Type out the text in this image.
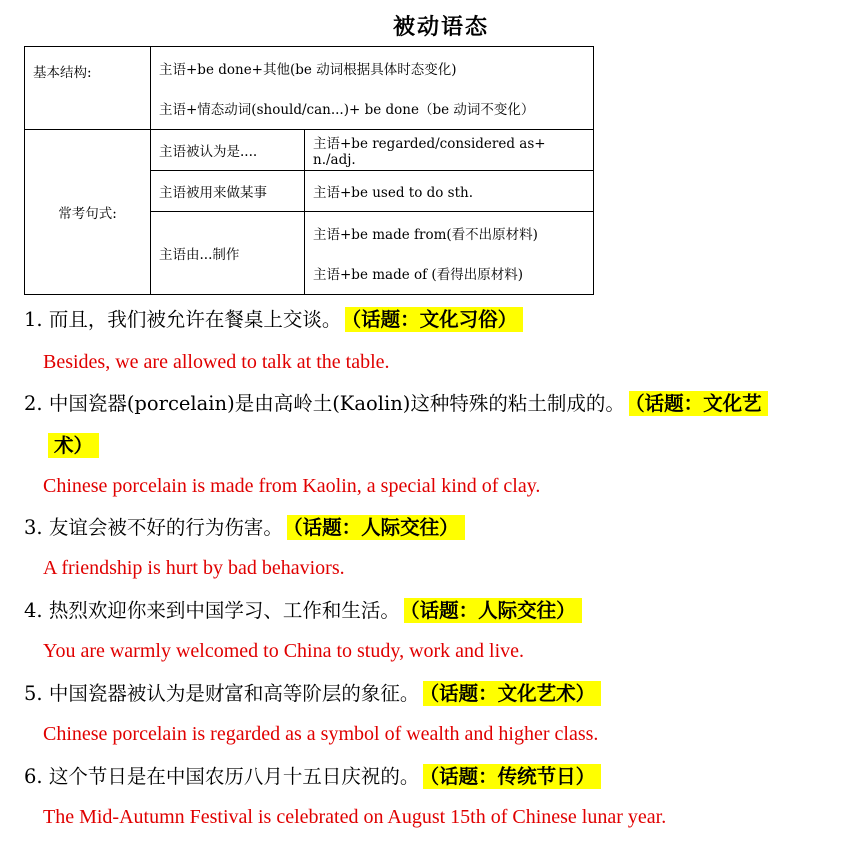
被动语态
基本结构:	主语+be done+其他(be 动词根据具体时态变化)
主语+情态动词(should/can...)+ be done（be 动词不变化）	

常考句式:	主语被认为是....	主语+be regarded/considered as+ n./adj.
	主语被用来做某事	主语+be used to do sth.
	主语由...制作	主语+be made from(看不出原材料)
主语+be made of (看得出原材料)
1. 而且，我们被允许在餐桌上交谈。 （话题：文化习俗）
Besides, we are allowed to talk at the table.
2. 中国瓷器(porcelain)是由高岭土(Kaolin)这种特殊的粘土制成的。 （话题：文化艺
术）
Chinese porcelain is made from Kaolin, a special kind of clay.
3. 友谊会被不好的行为伤害。 （话题：人际交往）
A friendship is hurt by bad behaviors.
4. 热烈欢迎你来到中国学习、工作和生活。 （话题：人际交往）
You are warmly welcomed to China to study, work and live.
5. 中国瓷器被认为是财富和高等阶层的象征。 （话题：文化艺术）
Chinese porcelain is regarded as a symbol of wealth and higher class.
6. 这个节日是在中国农历八月十五日庆祝的。 （话题：传统节日）
The Mid-Autumn Festival is celebrated on August 15th of Chinese lunar year.
